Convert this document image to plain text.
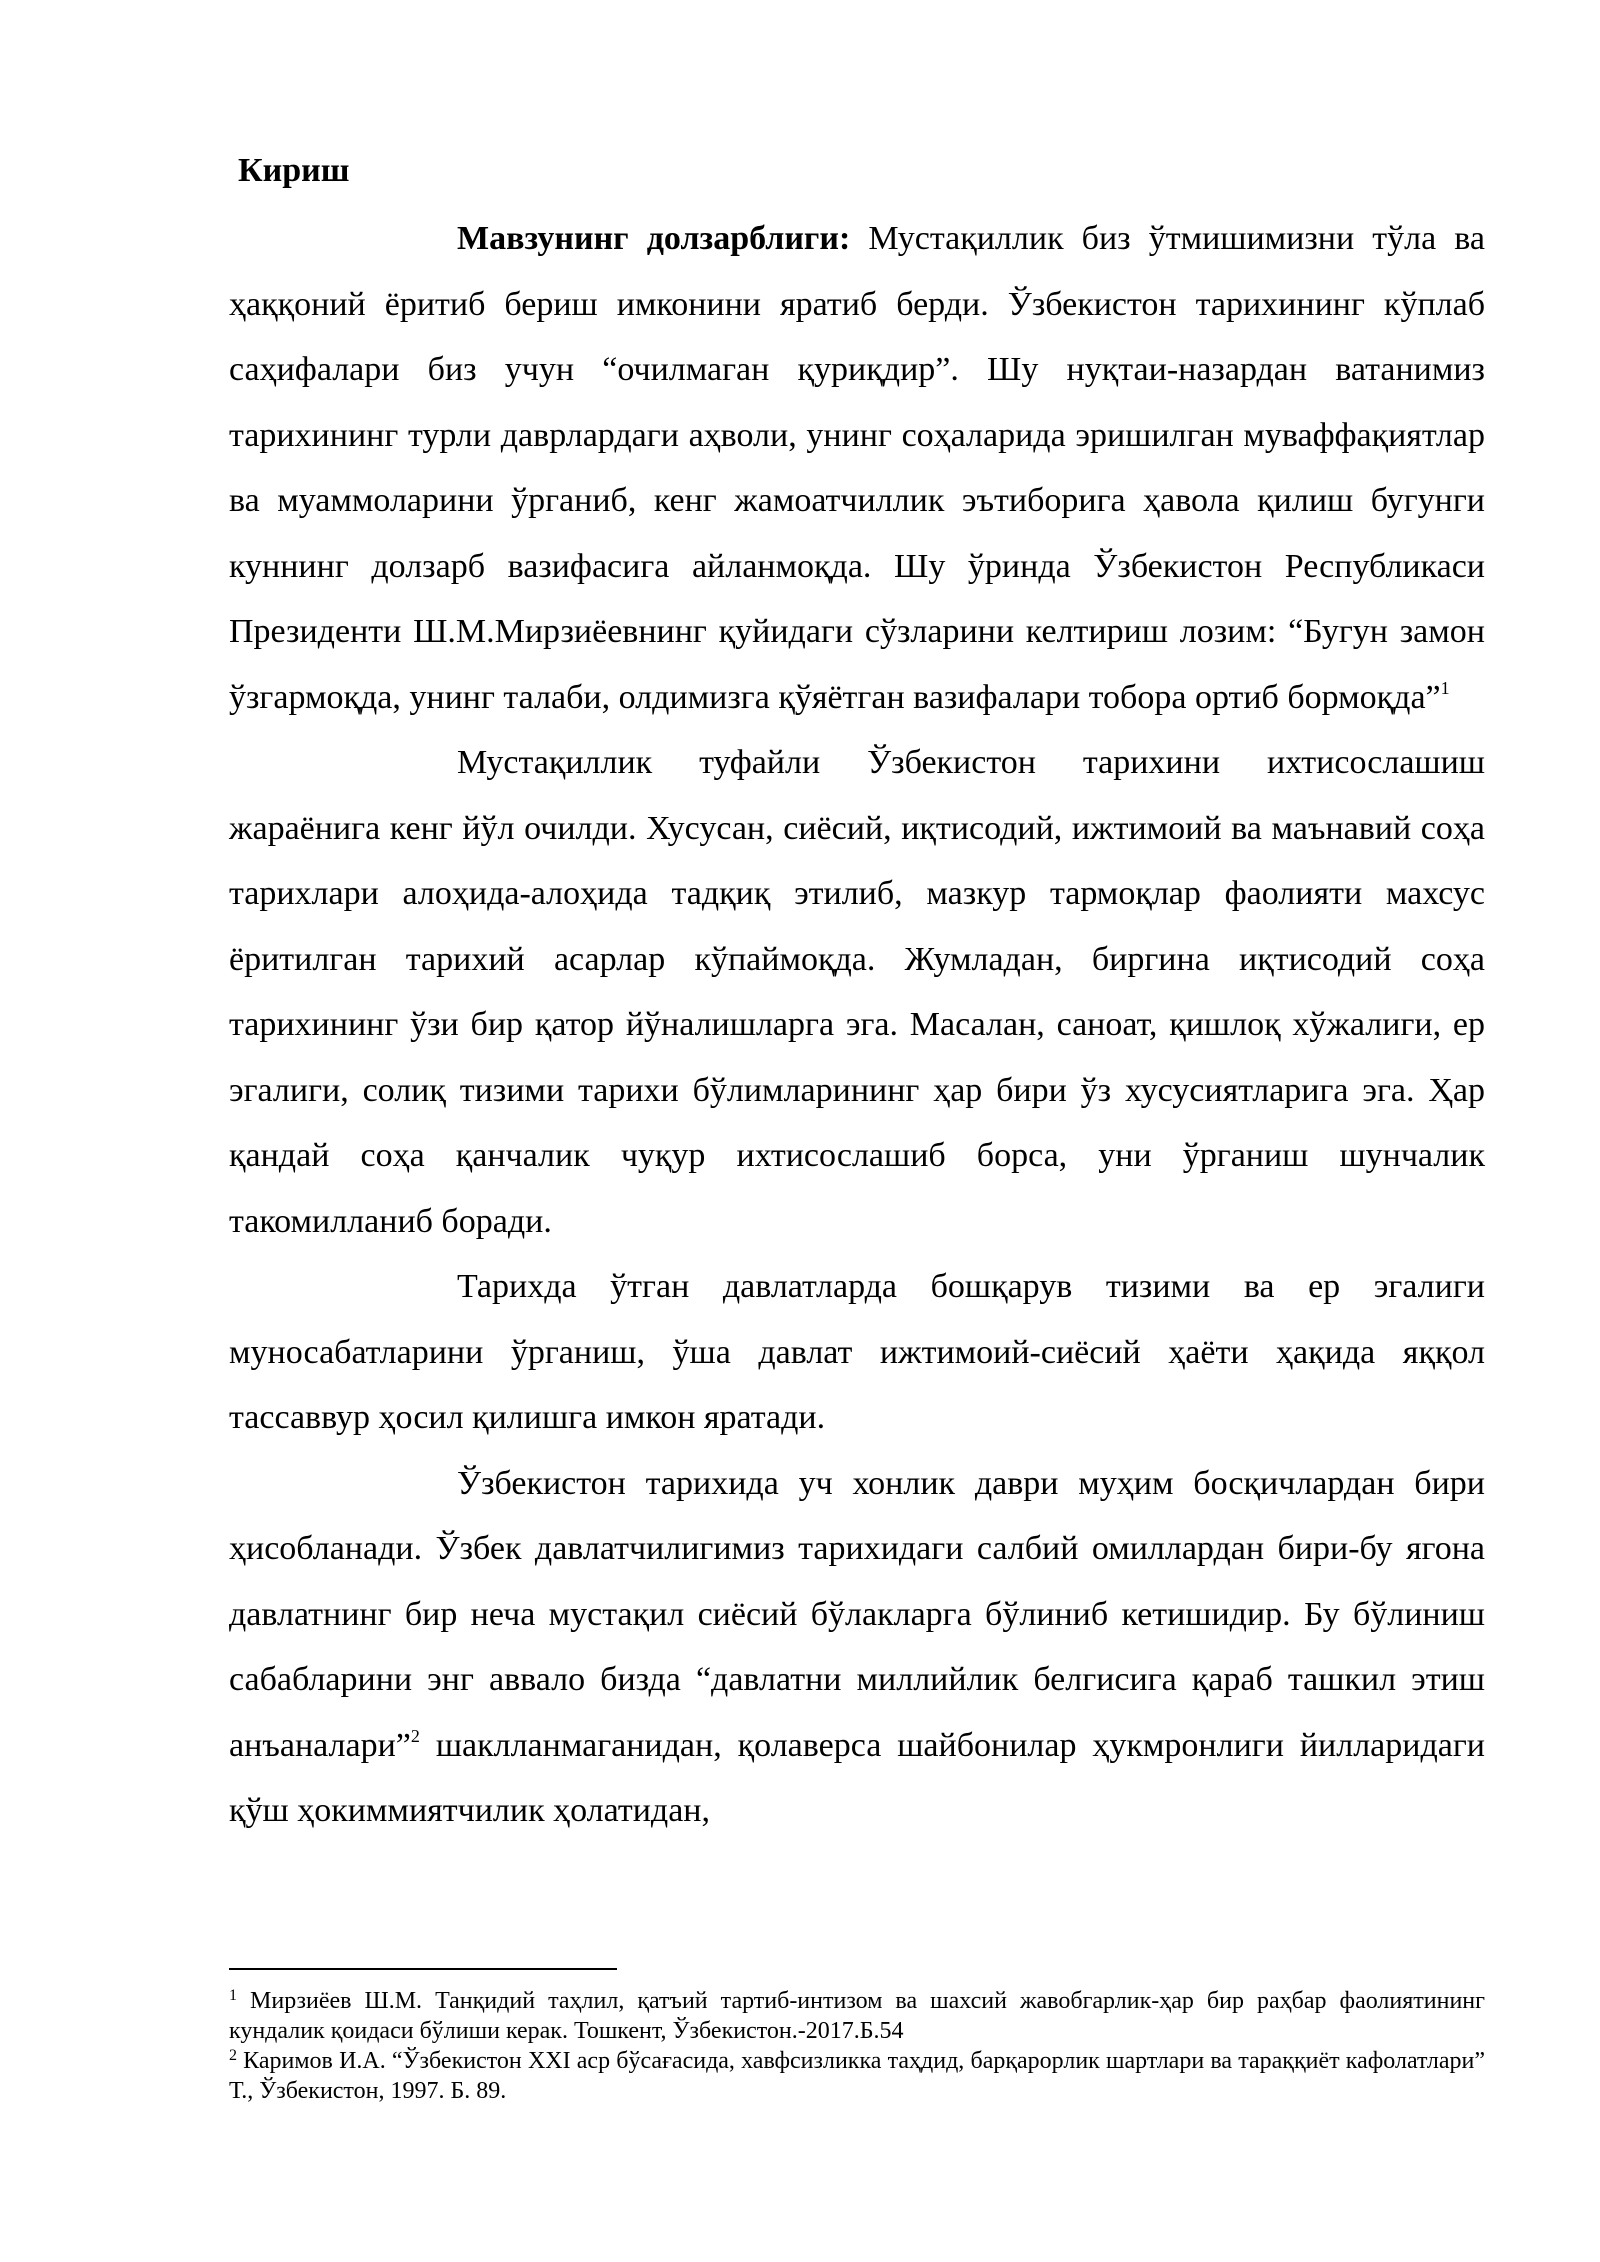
Кириш

Мавзунинг долзарблиги: Мустақиллик биз ўтмишимизни тўла ва ҳаққоний ёритиб бериш имконини яратиб берди. Ўзбекистон тарихининг кўплаб саҳифалари биз учун “очилмаган қуриқдир”. Шу нуқтаи-назардан ватанимиз тарихининг турли даврлардаги аҳволи, унинг соҳаларида эришилган муваффақиятлар ва муаммоларини ўрганиб, кенг жамоатчиллик эътиборига ҳавола қилиш бугунги куннинг долзарб вазифасига айланмоқда. Шу ўринда Ўзбекистон Республикаси Президенти Ш.М.Мирзиёевнинг қуйидаги сўзларини келтириш лозим: “Бугун замон ўзгармоқда, унинг талаби, олдимизга қўяётган вазифалари тобора ортиб бормоқда”$^1$

Мустақиллик туфайли Ўзбекистон тарихини ихтисослашиш жараёнига кенг йўл очилди. Хусусан, сиёсий, иқтисодий, ижтимоий ва маънавий соҳа тарихлари алоҳида-алоҳида тадқиқ этилиб, мазкур тармоқлар фаолияти махсус ёритилган тарихий асарлар кўпаймоқда. Жумладан, биргина иқтисодий соҳа тарихининг ўзи бир қатор йўналишларга эга. Масалан, саноат, қишлоқ хўжалиги, ер эгалиги, солиқ тизими тарихи бўлимларининг ҳар бири ўз хусусиятларига эга. Ҳар қандай соҳа қанчалик чуқур ихтисослашиб борса, уни ўрганиш шунчалик такомилланиб боради.

Тарихда ўтган давлатларда бошқарув тизими ва ер эгалиги муносабатларини ўрганиш, ўша давлат ижтимоий-сиёсий ҳаёти ҳақида яққол тассаввур ҳосил қилишга имкон яратади.

Ўзбекистон тарихида уч хонлик даври муҳим босқичлардан бири ҳисобланади. Ўзбек давлатчилигимиз тарихидаги салбий омиллардан бири-бу ягона давлатнинг бир неча мустақил сиёсий бўлакларга бўлиниб кетишидир. Бу бўлиниш сабабларини энг аввало бизда “давлатни миллийлик белгисига қараб ташкил этиш анъаналари”$^2$ шаклланмаганидан, қолаверса шайбонилар ҳукмронлиги йилларидаги қўш ҳокиммиятчилик ҳолатидан,

$^1$ Мирзиёев Ш.М. Танқидий таҳлил, қатъий тартиб-интизом ва шахсий жавобгарлик-ҳар бир раҳбар фаолиятининг кундалик қоидаси бўлиши керак. Тошкент, Ўзбекистон.-2017.Б.54

$^2$ Каримов И.А. “Ўзбекистон XXI аср бўсағасида, хавфсизликка таҳдид, барқарорлик шартлари ва тараққиёт кафолатлари” Т., Ўзбекистон, 1997. Б. 89.
